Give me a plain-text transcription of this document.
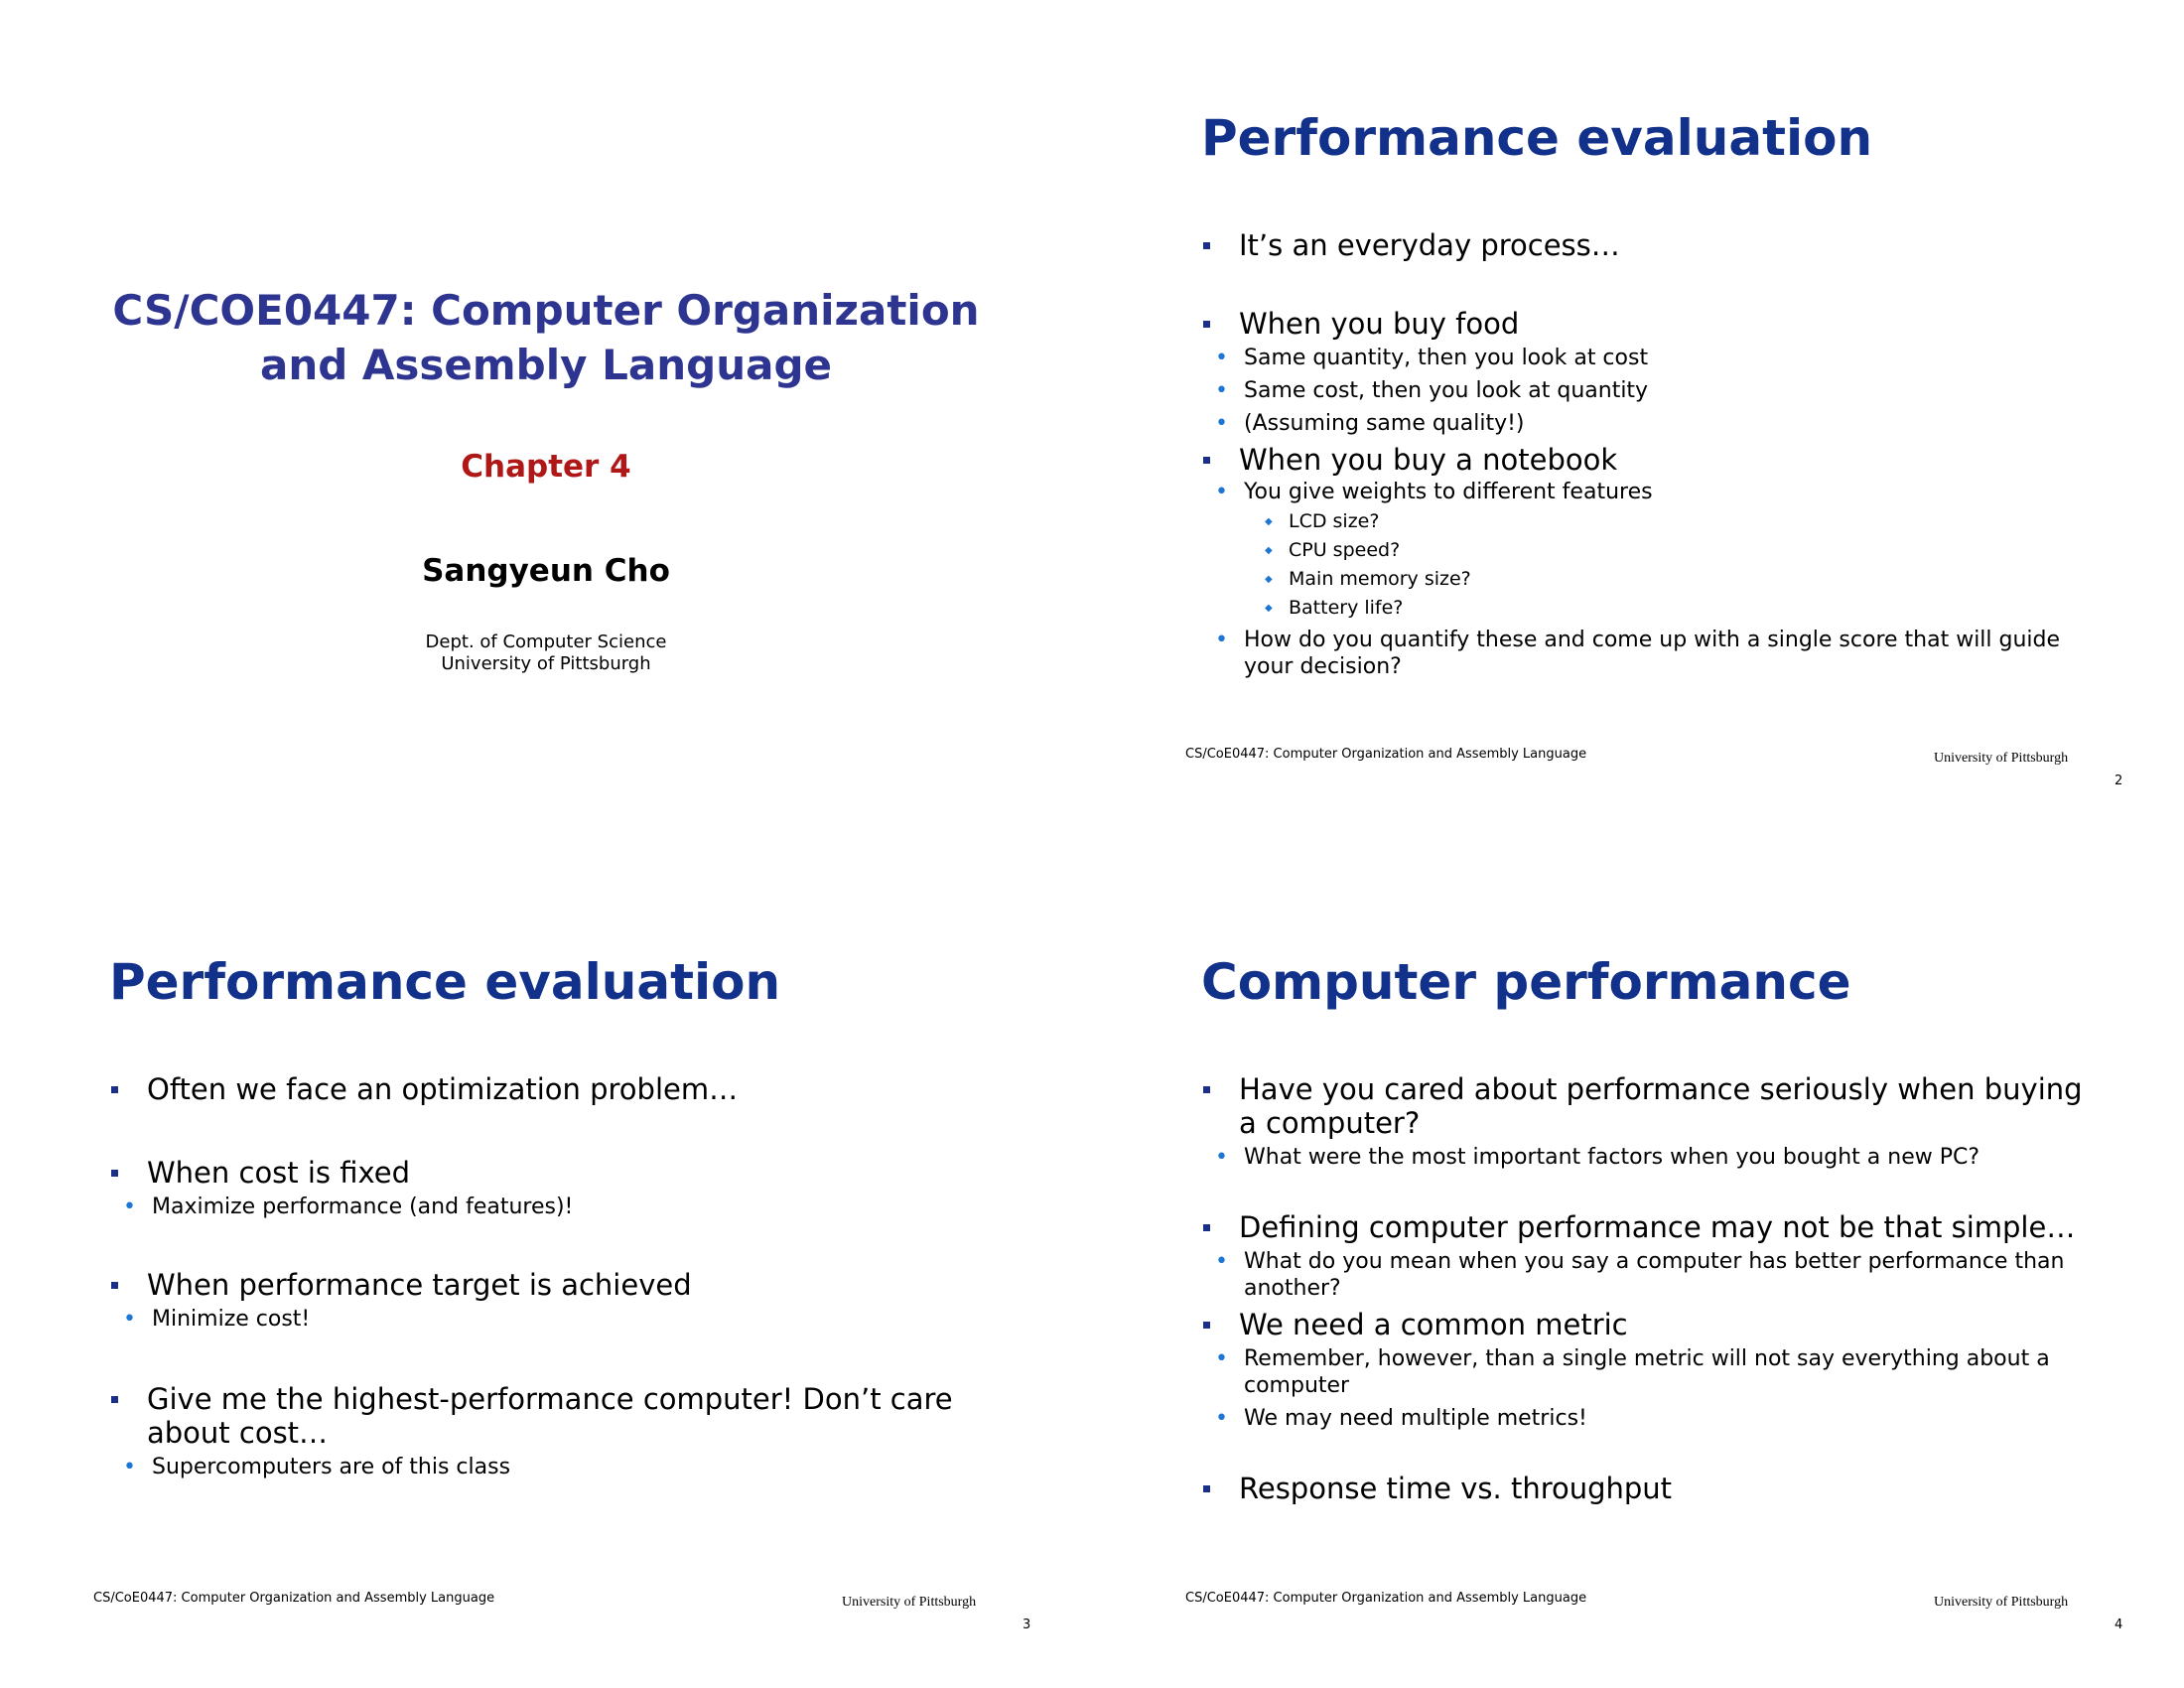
CS/COE0447: Computer Organization
and Assembly Language
Chapter 4
Sangyeun Cho
Dept. of Computer Science
University of Pittsburgh
Performance evaluation

It’s an everyday process…

When you buy food

• Same quantity, then you look at cost

• Same cost, then you look at quantity

• (Assuming same quality!)

When you buy a notebook

• You give weights to different features

◆ LCD size?

◆ CPU speed?

◆ Main memory size?

◆ Battery life?

• How do you quantify these and come up with a single score that will guide your decision?

CS/CoE0447: Computer Organization and Assembly Language	University of Pittsburgh
2
Performance evaluation

Often we face an optimization problem…

When cost is fixed

• Maximize performance (and features)!

When performance target is achieved

• Minimize cost!

Give me the highest-performance computer! Don’t care about cost…

• Supercomputers are of this class

CS/CoE0447: Computer Organization and Assembly Language	University of Pittsburgh
3
Computer performance

Have you cared about performance seriously when buying a computer?

• What were the most important factors when you bought a new PC?

Defining computer performance may not be that simple…

• What do you mean when you say a computer has better performance than another?

We need a common metric

• Remember, however, than a single metric will not say everything about a computer

• We may need multiple metrics!

Response time vs. throughput

CS/CoE0447: Computer Organization and Assembly Language	University of Pittsburgh
4
